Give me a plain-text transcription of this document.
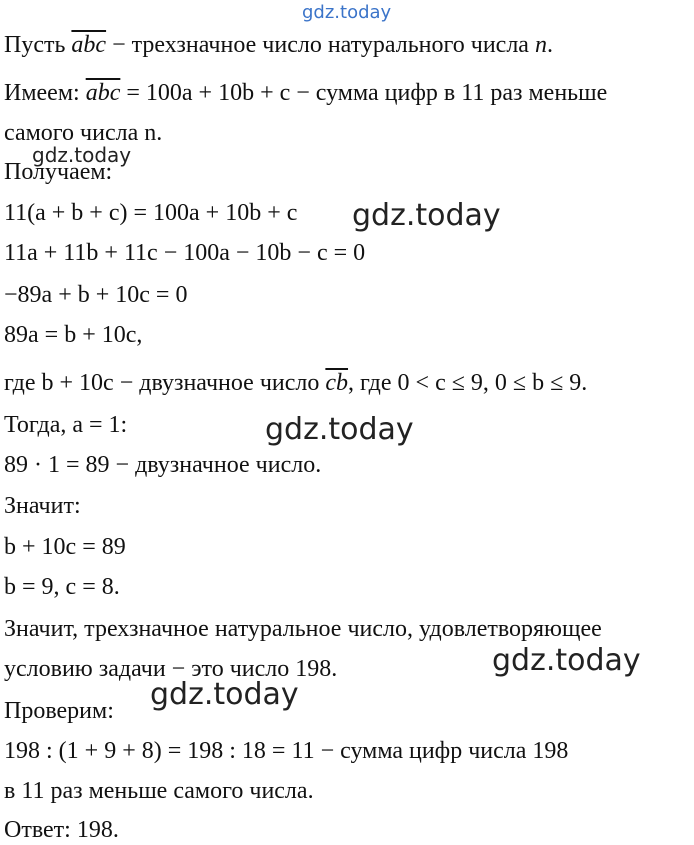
gdz.today
gdz.today
gdz.today
gdz.today
gdz.today
gdz.today
Пусть $\overline{abc}$ − трехзначное число натурального числа n.
Имеем: $\overline{abc} = 100a + 10b + c$ − сумма цифр в 11 раз меньше
самого числа n.
Получаем:
11(a + b + c) = 100a + 10b + c
11a + 11b + 11c − 100a − 10b − c = 0
−89a + b + 10c = 0
89a = b + 10c,
где b + 10c − двузначное число $\overline{cb}$, где 0 < c ≤ 9, 0 ≤ b ≤ 9.
Тогда, a = 1:
89 · 1 = 89 − двузначное число.
Значит:
b + 10c = 89
b = 9, c = 8.
Значит, трехзначное натуральное число, удовлетворяющее
условию задачи − это число 198.
Проверим:
198 : (1 + 9 + 8) = 198 : 18 = 11 − сумма цифр числа 198
в 11 раз меньше самого числа.
Ответ: 198.
